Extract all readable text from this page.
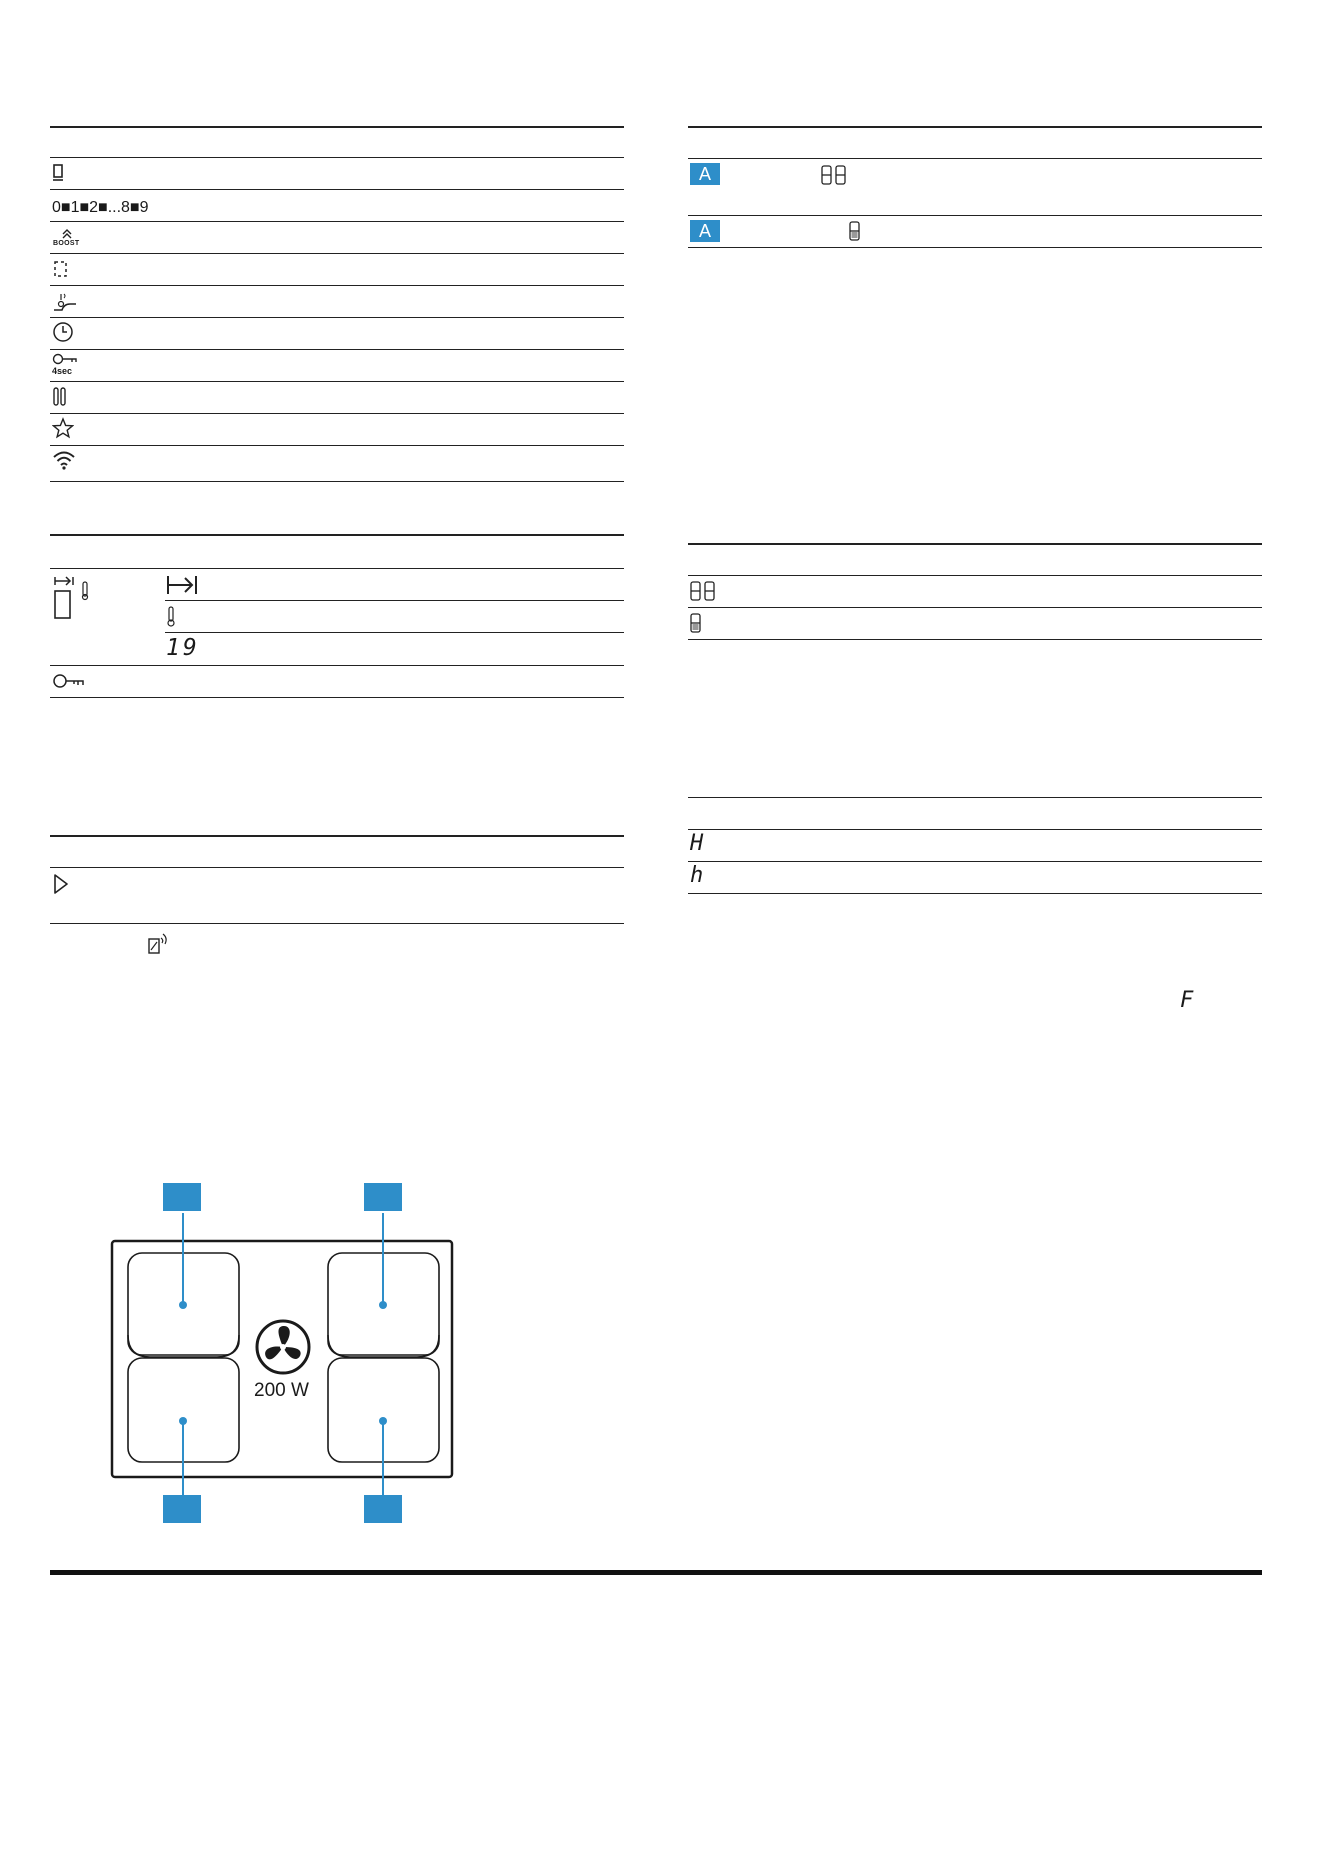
0■1■2■...8■9
BOOST
4sec
19
A
A
H
h
F
200 W
